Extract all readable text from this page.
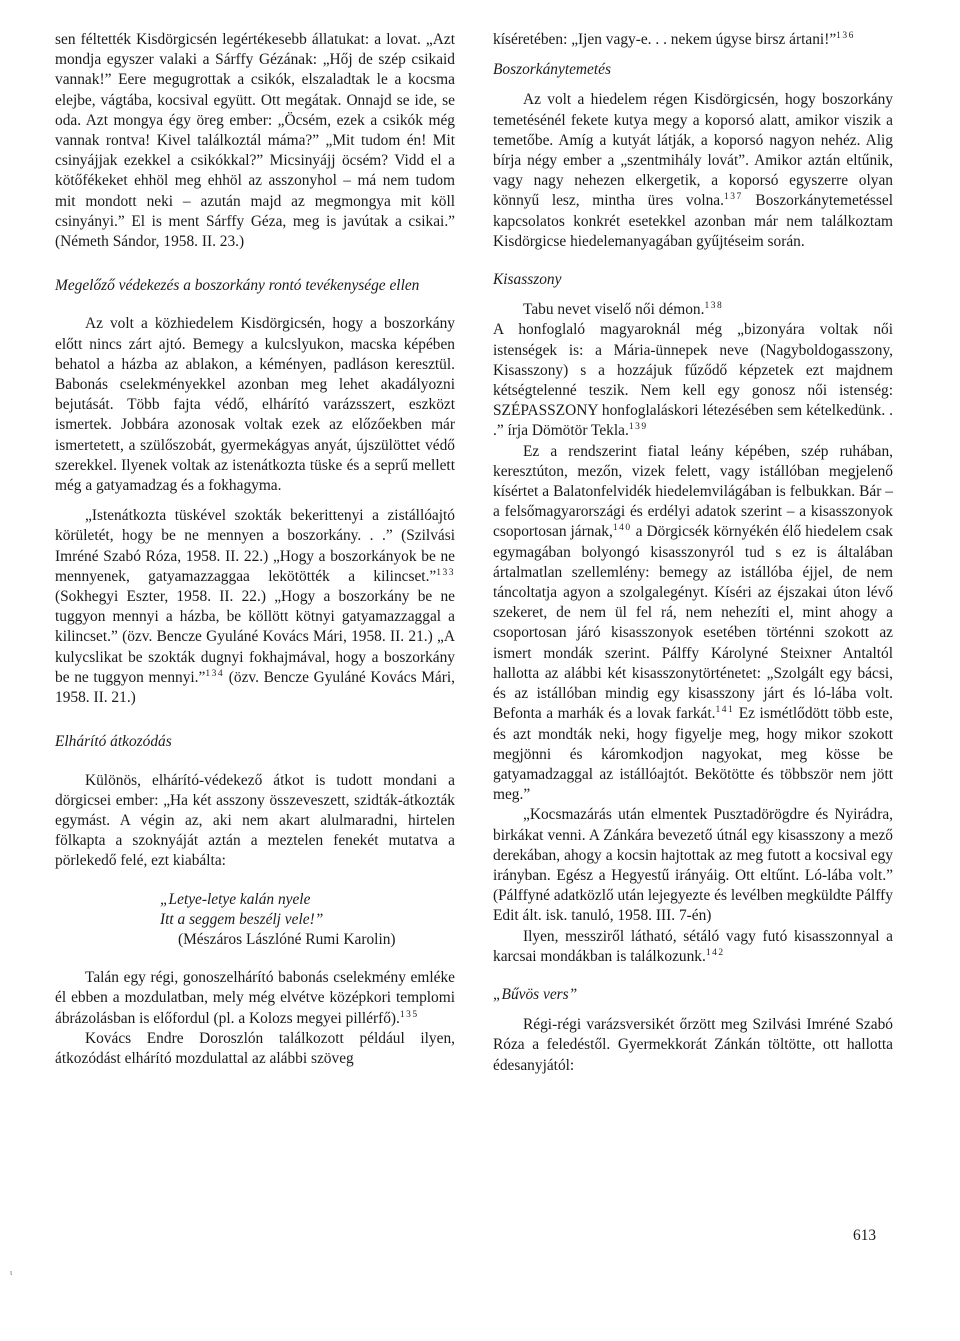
sen féltették Kisdörgicsén legértékesebb állatukat: a lovat. „Azt mondja egyszer valaki a Sárffy Gézának: „Hőj de szép csikaid vannak!” Eere megugrottak a csikók, elszaladtak le a kocsma elejbe, vágtába, kocsival együtt. Ott megátak. Onnajd se ide, se oda. Azt mongya égy öreg ember: „Öcsém, ezek a csikók még vannak rontva! Kivel találkoztál máma?” „Mit tudom én! Mit csinyájjak ezekkel a csikókkal?” Micsinyájj öcsém? Vidd el a kötőfékeket ehhöl meg ehhöl az asszonyhol – má nem tudom mit mondott neki – azután majd az megmongya mit köll csinyányi.” El is ment Sárffy Géza, meg is javútak a csikai.” (Németh Sándor, 1958. II. 23.)

Megelőző védekezés a boszorkány rontó tevékenysége ellen

Az volt a közhiedelem Kisdörgicsén, hogy a boszorkány előtt nincs zárt ajtó. Bemegy a kulcslyukon, macska képében behatol a házba az ablakon, a kéményen, padláson keresztül. Babonás cselekményekkel azonban meg lehet akadályozni bejutását. Több fajta védő, elhárító varázsszert, eszközt ismertek. Jobbára azonosak voltak ezek az előzőekben már ismertetett, a szülőszobát, gyermekágyas anyát, újszülöttet védő szerekkel. Ilyenek voltak az istenátkozta tüske és a seprű mellett még a gatyamadzag és a fokhagyma.

„Istenátkozta tüskével szokták bekerittenyi a zistállóajtó körületét, hogy be ne mennyen a boszorkány. . .” (Szilvási Imréné Szabó Róza, 1958. II. 22.) „Hogy a boszorkányok be ne mennyenek, gatyamazzaggaa lekötötték a kilincset.”$^{133}$ (Sokhegyi Eszter, 1958. II. 22.) „Hogy a boszorkány be ne tuggyon mennyi a házba, be köllött kötnyi gatyamazzaggal a kilincset.” (özv. Bencze Gyuláné Kovács Mári, 1958. II. 21.) „A kulycslikat be szokták dugnyi fokhajmával, hogy a boszorkány be ne tuggyon mennyi.”$^{134}$ (özv. Bencze Gyuláné Kovács Mári, 1958. II. 21.)

Elhárító átkozódás

Különös, elhárító-védekező átkot is tudott mondani a dörgicsei ember: „Ha két asszony összeveszett, szidták-átkozták egymást. A végin az, aki nem akart alulmaradni, hirtelen fölkapta a szoknyáját aztán a meztelen fenekét mutatva a pörlekedő felé, ezt kiabálta:

„Letye-letye kalán nyele
Itt a seggem beszélj vele!”
(Mészáros Lászlóné Rumi Karolin)

Talán egy régi, gonoszelhárító babonás cselekmény emléke él ebben a mozdulatban, mely még elvétve középkori templomi ábrázolásban is előfordul (pl. a Kolozs megyei pillérfő).$^{135}$

Kovács Endre Doroszlón találkozott például ilyen, átkozódást elhárító mozdulattal az alábbi szöveg

kíséretében: „Ijen vagy-e. . . nekem úgyse birsz ártani!”$^{136}$

Boszorkánytemetés

Az volt a hiedelem régen Kisdörgicsén, hogy boszorkány temetésénél fekete kutya megy a koporsó alatt, amikor viszik a temetőbe. Amíg a kutyát látják, a koporsó nagyon nehéz. Alig bírja négy ember a „szentmihály lovát”. Amikor aztán eltűnik, vagy nagy nehezen elkergetik, a koporsó egyszerre olyan könnyű lesz, mintha üres volna.$^{137}$ Boszorkánytemetéssel kapcsolatos konkrét esetekkel azonban már nem találkoztam Kisdörgicse hiedelemanyagában gyűjtéseim során.

Kisasszony

Tabu nevet viselő női démon.$^{138}$

A honfoglaló magyaroknál még „bizonyára voltak női istenségek is: a Mária-ünnepek neve (Nagyboldogasszony, Kisasszony) s a hozzájuk fűződő képzetek ezt majdnem kétségtelenné teszik. Nem kell egy gonosz női istenség: SZÉPASSZONY honfoglaláskori létezésében sem kételkedünk. . .” írja Dömötör Tekla.$^{139}$

Ez a rendszerint fiatal leány képében, szép ruhában, keresztúton, mezőn, vizek felett, vagy istállóban megjelenő kísértet a Balatonfelvidék hiedelemvilágában is felbukkan. Bár – a felsőmagyarországi és erdélyi adatok szerint – a kisasszonyok csoportosan járnak,$^{140}$ a Dörgicsék környékén élő hiedelem csak egymagában bolyongó kisasszonyról tud s ez is általában ártalmatlan szellemlény: bemegy az istállóba éjjel, de nem táncoltatja agyon a szolgalegényt. Kíséri az éjszakai úton lévő szekeret, de nem ül fel rá, nem nehezíti el, mint ahogy a csoportosan járó kisasszonyok esetében történni szokott az ismert mondák szerint. Pálffy Károlyné Steixner Antaltól hallotta az alábbi két kisasszonytörténetet: „Szolgált egy bácsi, és az istállóban mindig egy kisasszony járt és ló-lába volt. Befonta a marhák és a lovak farkát.$^{141}$ Ez ismétlődött több este, és azt mondták neki, hogy figyelje meg, hogy mikor szokott megjönni és káromkodjon nagyokat, meg kösse be gatyamadzaggal az istállóajtót. Bekötötte és többször nem jött meg.”

„Kocsmazárás után elmentek Pusztadörögdre és Nyirádra, birkákat venni. A Zánkára bevezető útnál egy kisasszony a mező derekában, ahogy a kocsin hajtottak az meg futott a kocsival egy irányban. Egész a Hegyestű irányáig. Ott eltűnt. Ló-lába volt.” (Pálffyné adatközlő után lejegyezte és levélben megküldte Pálffy Edit ált. isk. tanuló, 1958. III. 7-én)

Ilyen, messziről látható, sétáló vagy futó kisasszonnyal a karcsai mondákban is találkozunk.$^{142}$

„Bűvös vers”

Régi-régi varázsversikét őrzött meg Szilvási Imréné Szabó Róza a feledéstől. Gyermekkorát Zánkán töltötte, ott hallotta édesanyjától:

613
ι
